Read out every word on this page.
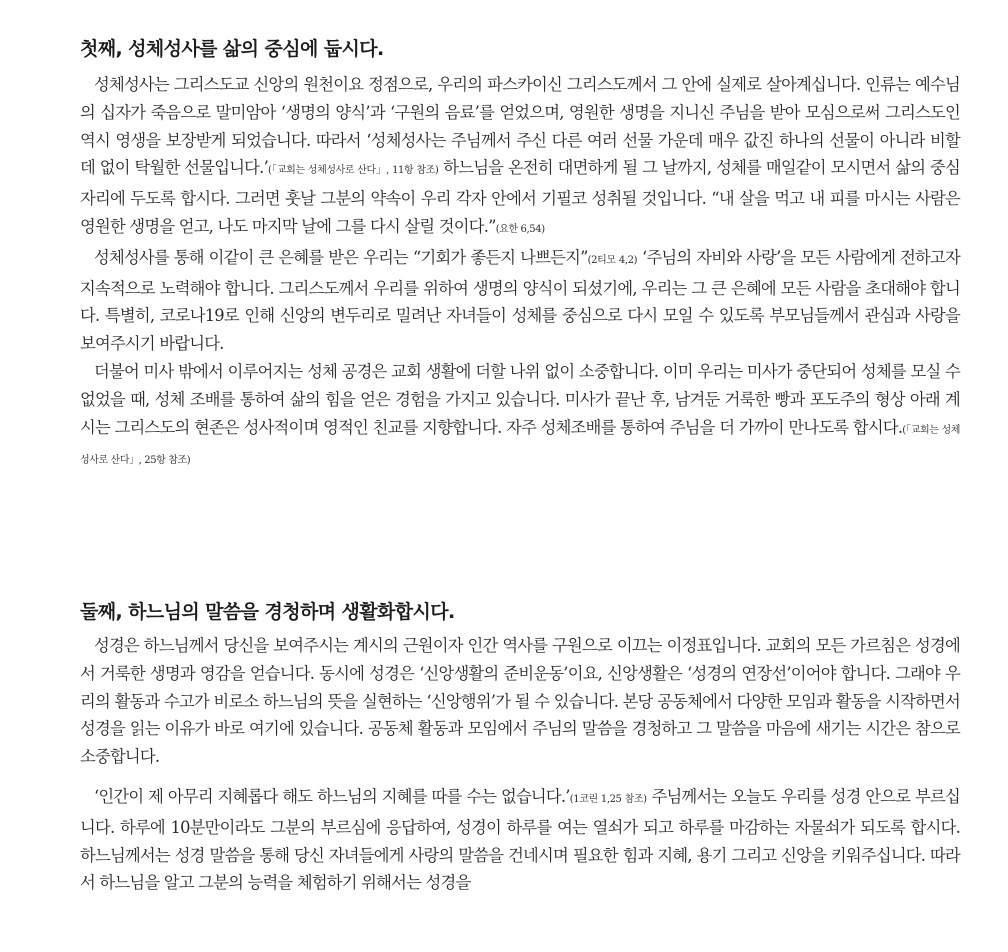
첫째, 성체성사를 삶의 중심에 둡시다.

성체성사는 그리스도교 신앙의 원천이요 정점으로, 우리의 파스카이신 그리스도께서 그 안에 실제로 살아계십니다. 인류는 예수님의 십자가 죽음으로 말미암아 ‘생명의 양식’과 ‘구원의 음료’를 얻었으며, 영원한 생명을 지니신 주님을 받아 모심으로써 그리스도인 역시 영생을 보장받게 되었습니다. 따라서 ‘성체성사는 주님께서 주신 다른 여러 선물 가운데 매우 값진 하나의 선물이 아니라 비할 데 없이 탁월한 선물입니다.’(「교회는 성체성사로 산다」, 11항 참조) 하느님을 온전히 대면하게 될 그 날까지, 성체를 매일같이 모시면서 삶의 중심자리에 두도록 합시다. 그러면 훗날 그분의 약속이 우리 각자 안에서 기필코 성취될 것입니다. “내 살을 먹고 내 피를 마시는 사람은 영원한 생명을 얻고, 나도 마지막 날에 그를 다시 살릴 것이다.”(요한 6,54)

성체성사를 통해 이같이 큰 은혜를 받은 우리는 “기회가 좋든지 나쁘든지”(2티모 4,2) ‘주님의 자비와 사랑’을 모든 사람에게 전하고자 지속적으로 노력해야 합니다. 그리스도께서 우리를 위하여 생명의 양식이 되셨기에, 우리는 그 큰 은혜에 모든 사람을 초대해야 합니다. 특별히, 코로나19로 인해 신앙의 변두리로 밀려난 자녀들이 성체를 중심으로 다시 모일 수 있도록 부모님들께서 관심과 사랑을 보여주시기 바랍니다.

더불어 미사 밖에서 이루어지는 성체 공경은 교회 생활에 더할 나위 없이 소중합니다. 이미 우리는 미사가 중단되어 성체를 모실 수 없었을 때, 성체 조배를 통하여 삶의 힘을 얻은 경험을 가지고 있습니다. 미사가 끝난 후, 남겨둔 거룩한 빵과 포도주의 형상 아래 계시는 그리스도의 현존은 성사적이며 영적인 친교를 지향합니다. 자주 성체조배를 통하여 주님을 더 가까이 만나도록 합시다.(「교회는 성체성사로 산다」, 25항 참조)

둘째, 하느님의 말씀을 경청하며 생활화합시다.

성경은 하느님께서 당신을 보여주시는 계시의 근원이자 인간 역사를 구원으로 이끄는 이정표입니다. 교회의 모든 가르침은 성경에서 거룩한 생명과 영감을 얻습니다. 동시에 성경은 ‘신앙생활의 준비운동’이요, 신앙생활은 ‘성경의 연장선’이어야 합니다. 그래야 우리의 활동과 수고가 비로소 하느님의 뜻을 실현하는 ‘신앙행위’가 될 수 있습니다. 본당 공동체에서 다양한 모임과 활동을 시작하면서 성경을 읽는 이유가 바로 여기에 있습니다. 공동체 활동과 모임에서 주님의 말씀을 경청하고 그 말씀을 마음에 새기는 시간은 참으로 소중합니다.

‘인간이 제 아무리 지혜롭다 해도 하느님의 지혜를 따를 수는 없습니다.’(1코린 1,25 참조) 주님께서는 오늘도 우리를 성경 안으로 부르십니다. 하루에 10분만이라도 그분의 부르심에 응답하여, 성경이 하루를 여는 열쇠가 되고 하루를 마감하는 자물쇠가 되도록 합시다. 하느님께서는 성경 말씀을 통해 당신 자녀들에게 사랑의 말씀을 건네시며 필요한 힘과 지혜, 용기 그리고 신앙을 키워주십니다. 따라서 하느님을 알고 그분의 능력을 체험하기 위해서는 성경을
